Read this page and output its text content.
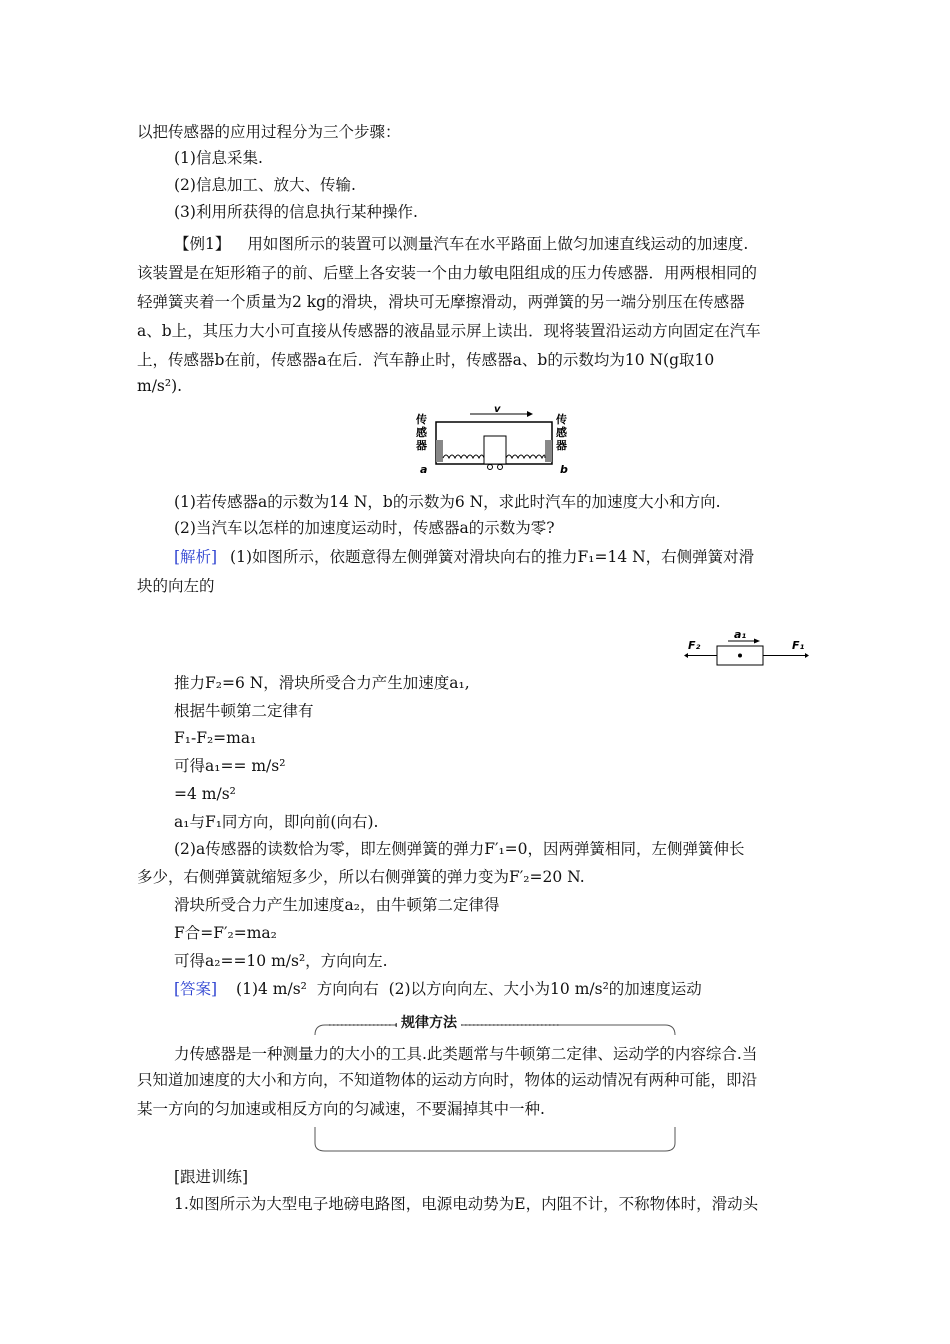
以把传感器的应用过程分为三个步骤：
(1)信息采集.
(2)信息加工、放大、传输.
(3)利用所获得的信息执行某种操作.
【例1】 用如图所示的装置可以测量汽车在水平路面上做匀加速直线运动的加速度.
该装置是在矩形箱子的前、后壁上各安装一个由力敏电阻组成的压力传感器．用两根相同的
轻弹簧夹着一个质量为2 kg的滑块，滑块可无摩擦滑动，两弹簧的另一端分别压在传感器
a、b上，其压力大小可直接从传感器的液晶显示屏上读出．现将装置沿运动方向固定在汽车
上，传感器b在前，传感器a在后．汽车静止时，传感器a、b的示数均为10 N(g取10
m/s²).
传
感
器
传
感
器
v
a	b
(1)若传感器a的示数为14 N，b的示数为6 N，求此时汽车的加速度大小和方向.
(2)当汽车以怎样的加速度运动时，传感器a的示数为零?
[解析] (1)如图所示，依题意得左侧弹簧对滑块向右的推力F₁=14 N，右侧弹簧对滑
块的向左的
a₁
F₂	F₁
推力F₂=6 N，滑块所受合力产生加速度a₁,
根据牛顿第二定律有
F₁-F₂=ma₁
可得a₁== m/s²
=4 m/s²
a₁与F₁同方向，即向前(向右).
(2)a传感器的读数恰为零，即左侧弹簧的弹力F′₁=0，因两弹簧相同，左侧弹簧伸长
多少，右侧弹簧就缩短多少，所以右侧弹簧的弹力变为F′₂=20 N.
滑块所受合力产生加速度a₂，由牛顿第二定律得
F合=F′₂=ma₂
可得a₂==10 m/s²，方向向左.
[答案] (1)4 m/s²  方向向右  (2)以方向向左、大小为10 m/s²的加速度运动
规律方法
力传感器是一种测量力的大小的工具.此类题常与牛顿第二定律、运动学的内容综合.当
只知道加速度的大小和方向，不知道物体的运动方向时，物体的运动情况有两种可能，即沿
某一方向的匀加速或相反方向的匀减速，不要漏掉其中一种.
[跟进训练]
1.如图所示为大型电子地磅电路图，电源电动势为E，内阻不计，不称物体时，滑动头
